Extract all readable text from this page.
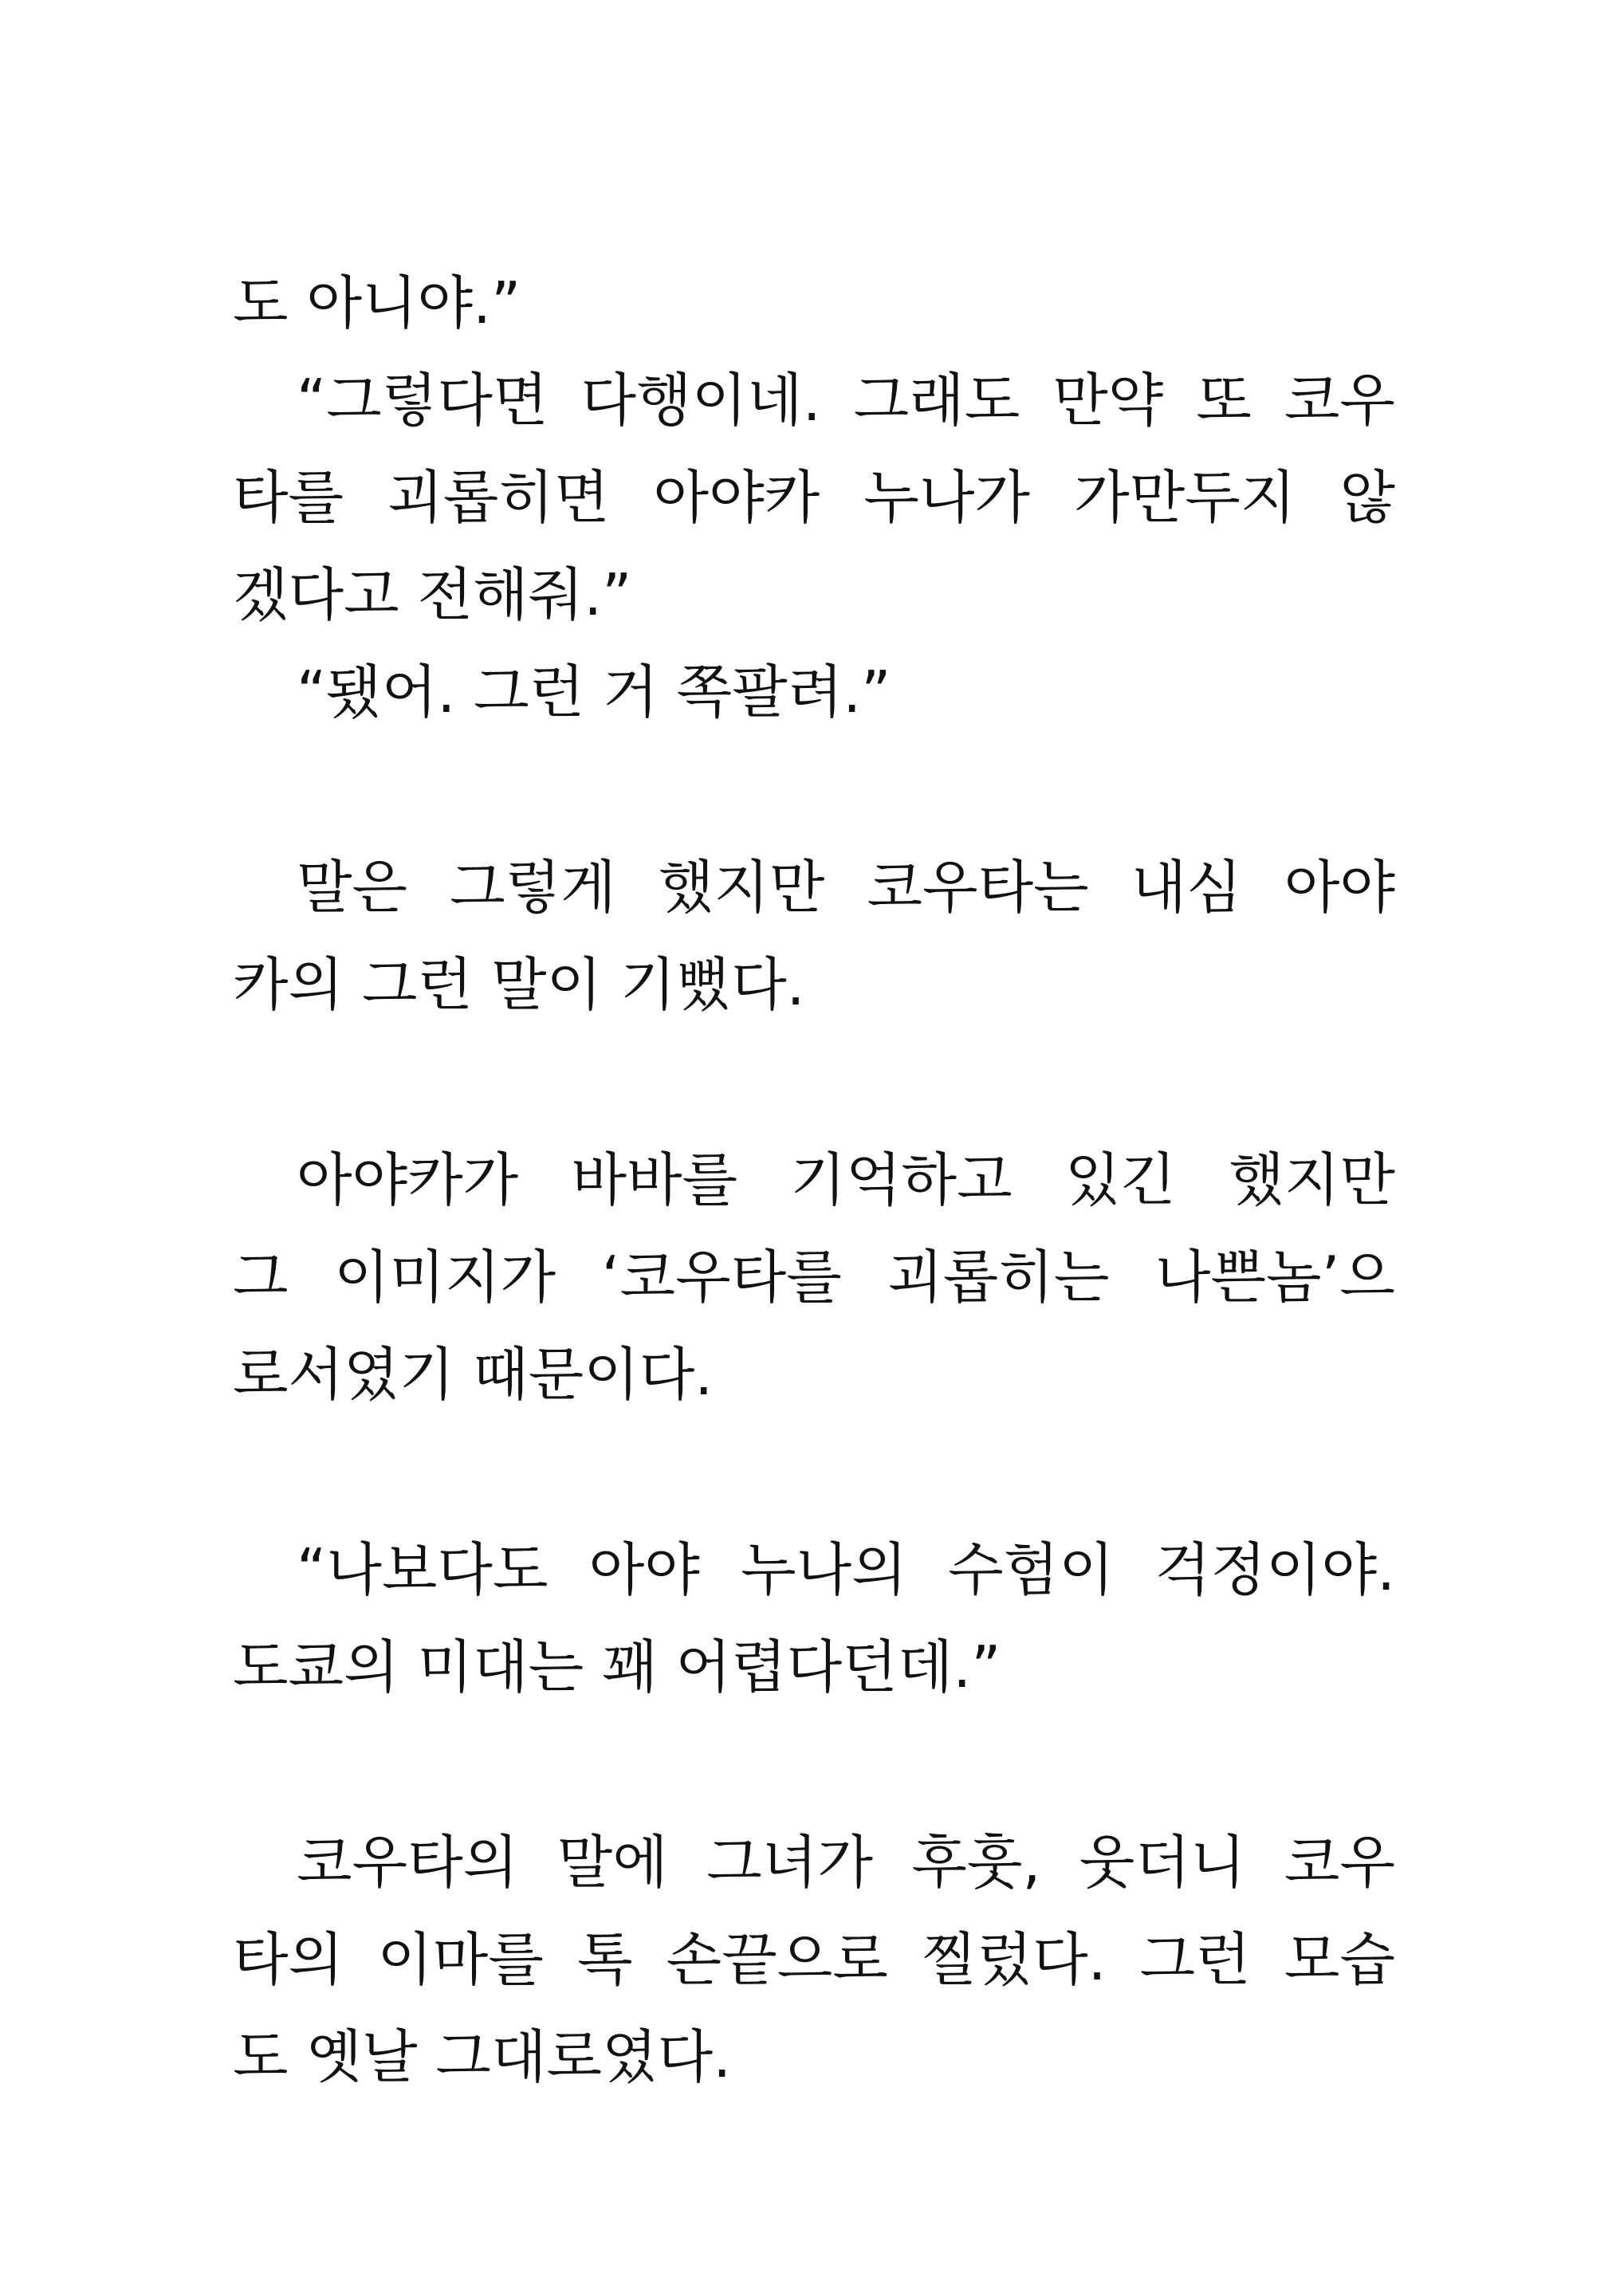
도 아니야.”
“그렇다면 다행이네. 그래도 만약 또 코우
타를 괴롭히면 아야카 누나가 가만두지 않
겠다고 전해줘.”
“됐어. 그런 거 쪽팔려.”
말은 그렇게 했지만 코우타는 내심 아야
카의 그런 말이 기뻤다.
아야카가 바바를 기억하고 있긴 했지만
그 이미지가 ‘코우타를 괴롭히는 나쁜놈’으
로서였기 때문이다.
“나보다도 아야 누나의 수험이 걱정이야.
도쿄의 미대는 꽤 어렵다던데.”
코우타의 말에 그녀가 후훗, 웃더니 코우
타의 이마를 톡 손끝으로 찔렀다. 그런 모습
도 옛날 그대로였다.
